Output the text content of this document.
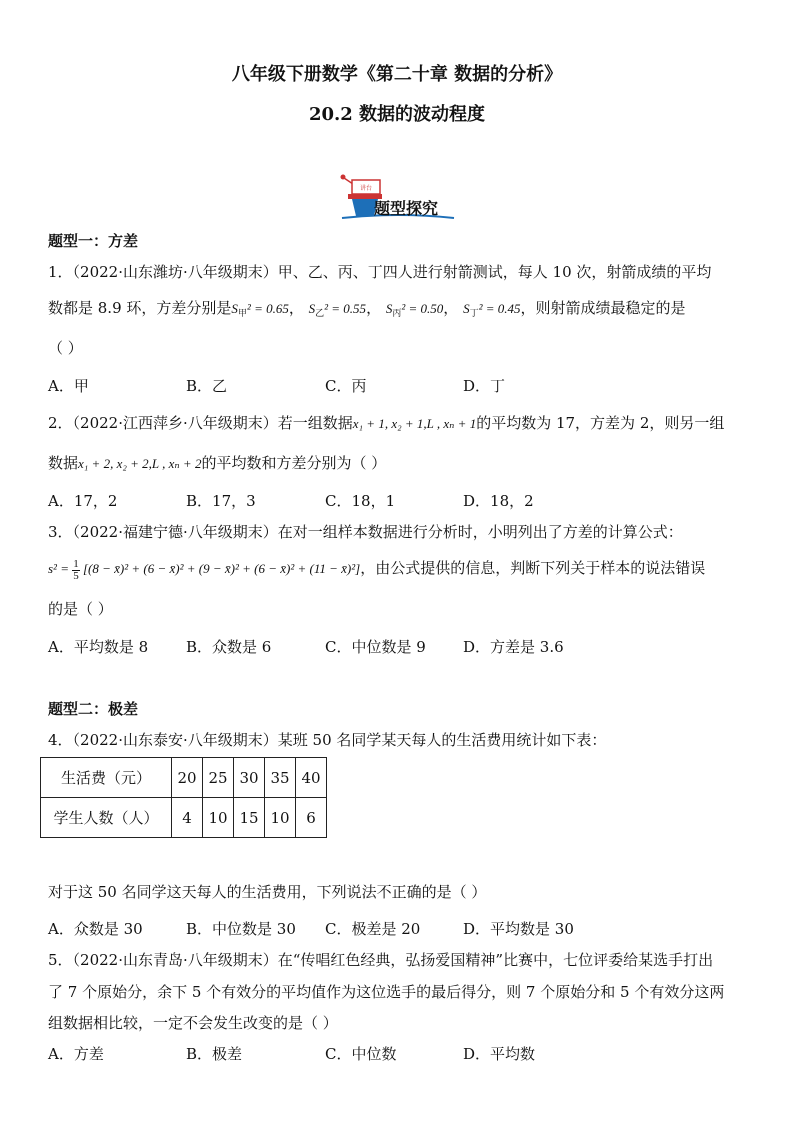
八年级下册数学《第二十章 数据的分析》
20.2 数据的波动程度
讲台
题型探究
题型一：方差
1．（2022·山东潍坊·八年级期末）甲、乙、丙、丁四人进行射箭测试，每人 10 次，射箭成绩的平均
数都是 8.9 环，方差分别是$S_甲^2 = 0.65$， $S_乙^2 = 0.55$， $S_丙^2 = 0.50$， $S_丁^2 = 0.45$，则射箭成绩最稳定的是
（ ）
A．甲	B．乙	C．丙	D．丁
2．（2022·江西萍乡·八年级期末）若一组数据x₁ + 1, x₂ + 1,L , xₙ + 1的平均数为 17，方差为 2，则另一组
数据x₁ + 2, x₂ + 2,L , xₙ + 2的平均数和方差分别为（ ）
A．17，2	B．17，3	C．18，1	D．18，2
3．（2022·福建宁德·八年级期末）在对一组样本数据进行分析时，小明列出了方差的计算公式：
$s^2 = \frac{1}{5} [(8$ − x̄)² + (6 − x̄)² + (9 − x̄)² + (6 − x̄)² + (11 − x̄)²]，由公式提供的信息，判断下列关于样本的说法错误
的是（ ）
A．平均数是 8	B．众数是 6	C．中位数是 9 D．方差是 3.6
题型二：极差
4．（2022·山东泰安·八年级期末）某班 50 名同学某天每人的生活费用统计如下表：
生活费（元）	20	25	30	35	40
学生人数（人）	4	10	15	10	6
对于这 50 名同学这天每人的生活费用，下列说法不正确的是（ ）
A．众数是 30	B．中位数是 30 C．极差是 20	D．平均数是 30
5．（2022·山东青岛·八年级期末）在“传唱红色经典，弘扬爱国精神”比赛中，七位评委给某选手打出
了 7 个原始分，余下 5 个有效分的平均值作为这位选手的最后得分，则 7 个原始分和 5 个有效分这两
组数据相比较，一定不会发生改变的是（ ）
A．方差	B．极差	C．中位数	D．平均数
